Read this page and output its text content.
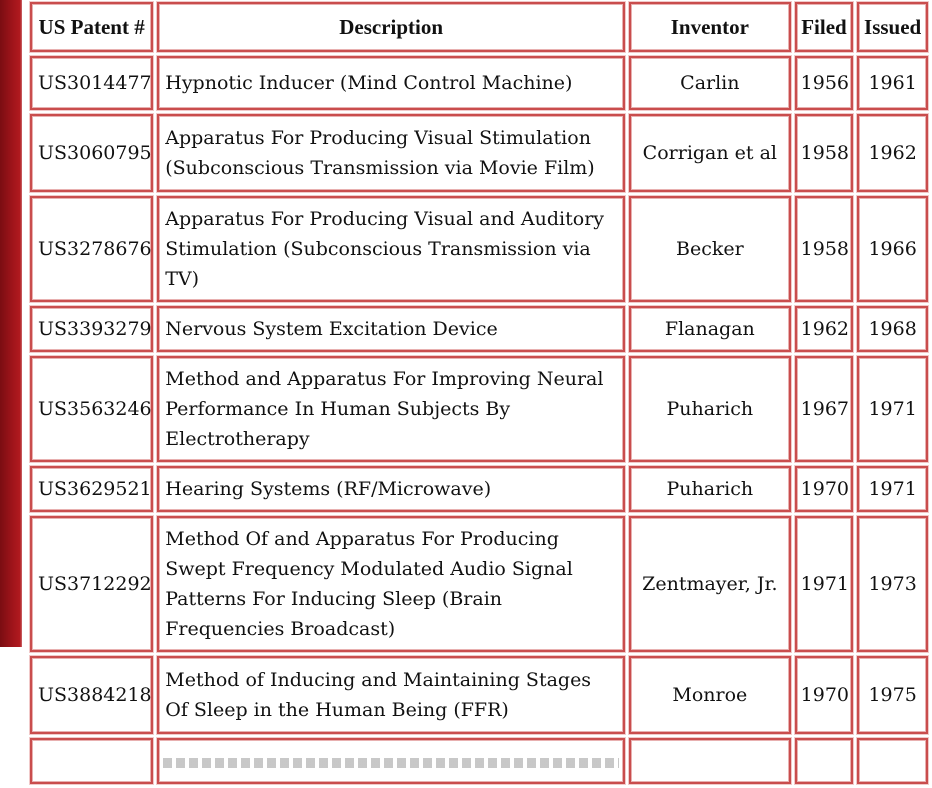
US Patent #	Description	Inventor	Filed	Issued
US3014477	Hypnotic Inducer (Mind Control Machine)	Carlin	1956	1961
US3060795	Apparatus For Producing Visual Stimulation (Subconscious Transmission via Movie Film)	Corrigan et al	1958	1962
US3278676	Apparatus For Producing Visual and Auditory Stimulation (Subconscious Transmission via TV)	Becker	1958	1966
US3393279	Nervous System Excitation Device	Flanagan	1962	1968
US3563246	Method and Apparatus For Improving Neural Performance In Human Subjects By Electrotherapy	Puharich	1967	1971
US3629521	Hearing Systems (RF/Microwave)	Puharich	1970	1971
US3712292	Method Of and Apparatus For Producing Swept Frequency Modulated Audio Signal Patterns For Inducing Sleep (Brain Frequencies Broadcast)	Zentmayer, Jr.	1971	1973
US3884218	Method of Inducing and Maintaining Stages Of Sleep in the Human Being (FFR)	Monroe	1970	1975
